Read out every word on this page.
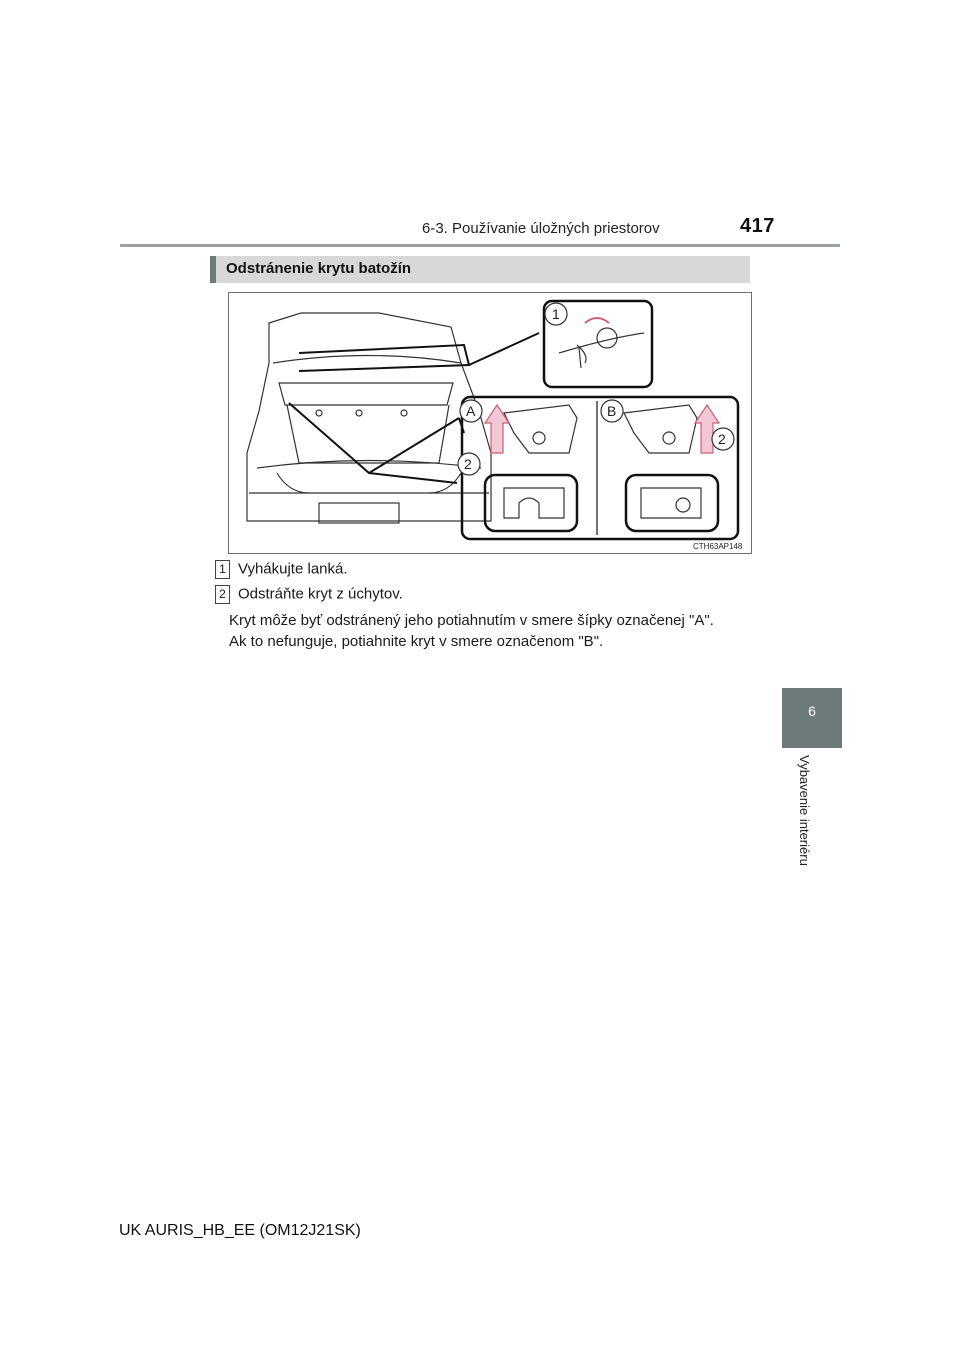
6-3. Používanie úložných priestorov	417
6
Vybavenie interiéru
Odstránenie krytu batožín
1
A
2
B
2
CTH63AP148
1 Vyhákujte lanká.
2 Odstráňte kryt z úchytov.
Kryt môže byť odstránený jeho potiahnutím v smere šípky označenej "A".
Ak to nefunguje, potiahnite kryt v smere označenom "B".
UK AURIS_HB_EE (OM12J21SK)
